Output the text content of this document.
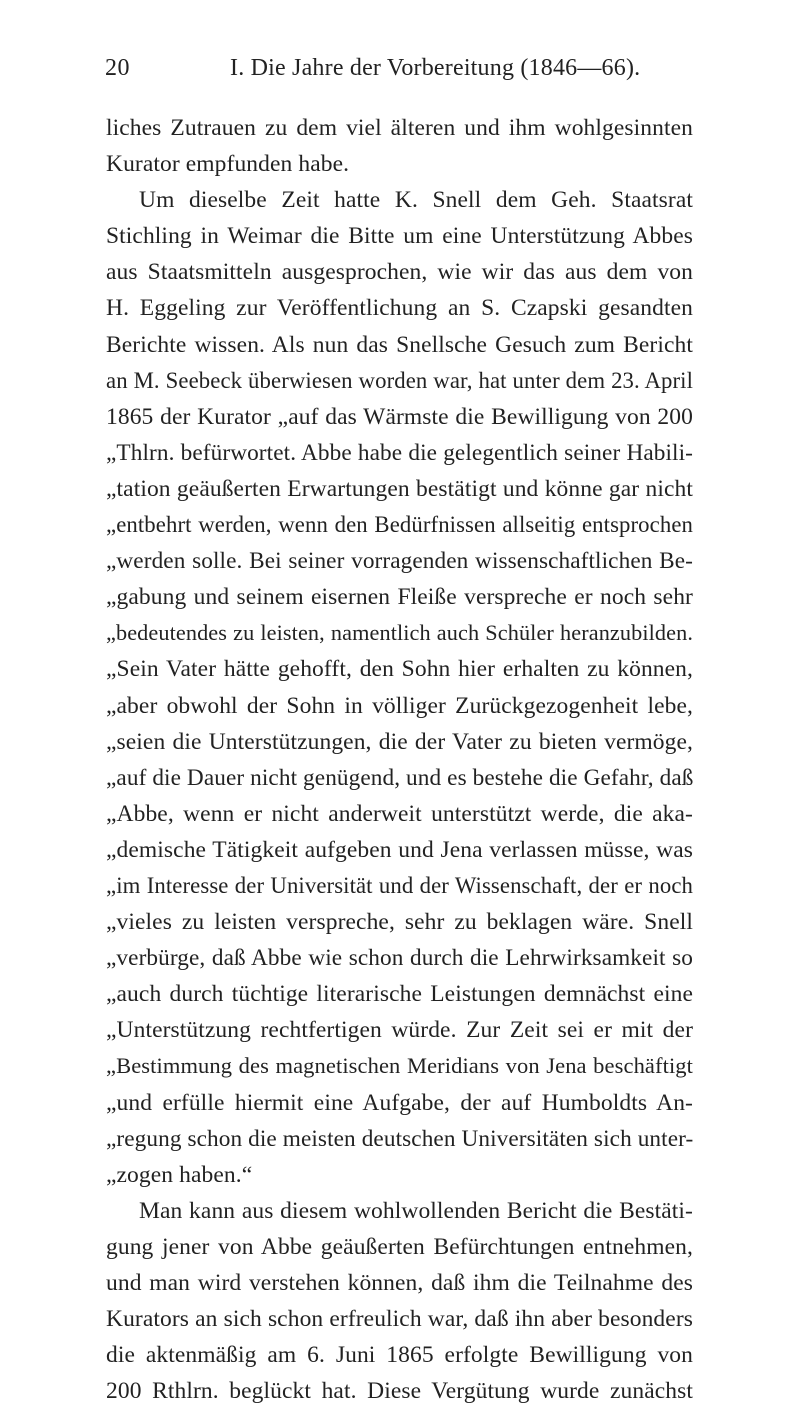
20	I. Die Jahre der Vorbereitung (1846—66).
liches Zutrauen zu dem viel älteren und ihm wohlgesinnten
Kurator empfunden habe.
Um dieselbe Zeit hatte K. Snell dem Geh. Staatsrat
Stichling in Weimar die Bitte um eine Unterstützung Abbes
aus Staatsmitteln ausgesprochen, wie wir das aus dem von
H. Eggeling zur Veröffentlichung an S. Czapski gesandten
Berichte wissen. Als nun das Snellsche Gesuch zum Bericht
an M. Seebeck überwiesen worden war, hat unter dem 23. April
1865 der Kurator „auf das Wärmste die Bewilligung von 200
„Thlrn. befürwortet. Abbe habe die gelegentlich seiner Habili-
„tation geäußerten Erwartungen bestätigt und könne gar nicht
„entbehrt werden, wenn den Bedürfnissen allseitig entsprochen
„werden solle. Bei seiner vorragenden wissenschaftlichen Be-
„gabung und seinem eisernen Fleiße verspreche er noch sehr
„bedeutendes zu leisten, namentlich auch Schüler heranzubilden.
„Sein Vater hätte gehofft, den Sohn hier erhalten zu können,
„aber obwohl der Sohn in völliger Zurückgezogenheit lebe,
„seien die Unterstützungen, die der Vater zu bieten vermöge,
„auf die Dauer nicht genügend, und es bestehe die Gefahr, daß
„Abbe, wenn er nicht anderweit unterstützt werde, die aka-
„demische Tätigkeit aufgeben und Jena verlassen müsse, was
„im Interesse der Universität und der Wissenschaft, der er noch
„vieles zu leisten verspreche, sehr zu beklagen wäre. Snell
„verbürge, daß Abbe wie schon durch die Lehrwirksamkeit so
„auch durch tüchtige literarische Leistungen demnächst eine
„Unterstützung rechtfertigen würde. Zur Zeit sei er mit der
„Bestimmung des magnetischen Meridians von Jena beschäftigt
„und erfülle hiermit eine Aufgabe, der auf Humboldts An-
„regung schon die meisten deutschen Universitäten sich unter-
„zogen haben.“
Man kann aus diesem wohlwollenden Bericht die Bestäti-
gung jener von Abbe geäußerten Befürchtungen entnehmen,
und man wird verstehen können, daß ihm die Teilnahme des
Kurators an sich schon erfreulich war, daß ihn aber besonders
die aktenmäßig am 6. Juni 1865 erfolgte Bewilligung von
200 Rthlrn. beglückt hat. Diese Vergütung wurde zunächst
